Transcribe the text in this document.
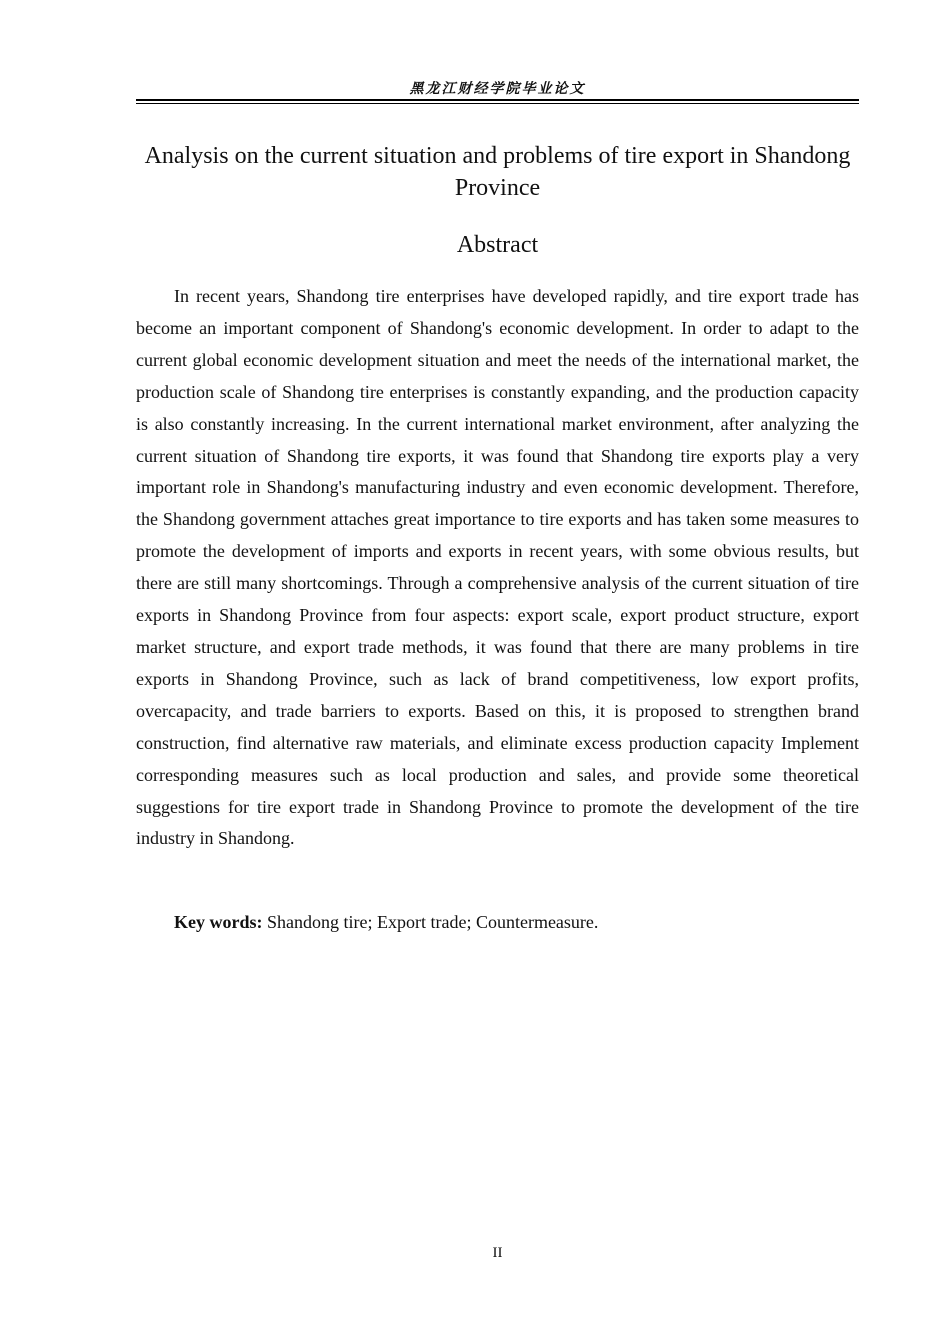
黑龙江财经学院毕业论文
Analysis on the current situation and problems of tire export in Shandong Province
Abstract

In recent years, Shandong tire enterprises have developed rapidly, and tire export trade has become an important component of Shandong's economic development. In order to adapt to the current global economic development situation and meet the needs of the international market, the production scale of Shandong tire enterprises is constantly expanding, and the production capacity is also constantly increasing. In the current international market environment, after analyzing the current situation of Shandong tire exports, it was found that Shandong tire exports play a very important role in Shandong's manufacturing industry and even economic development. Therefore, the Shandong government attaches great importance to tire exports and has taken some measures to promote the development of imports and exports in recent years, with some obvious results, but there are still many shortcomings. Through a comprehensive analysis of the current situation of tire exports in Shandong Province from four aspects: export scale, export product structure, export market structure, and export trade methods, it was found that there are many problems in tire exports in Shandong Province, such as lack of brand competitiveness, low export profits, overcapacity, and trade barriers to exports. Based on this, it is proposed to strengthen brand construction, find alternative raw materials, and eliminate excess production capacity Implement corresponding measures such as local production and sales, and provide some theoretical suggestions for tire export trade in Shandong Province to promote the development of the tire industry in Shandong.

Key words: Shandong tire; Export trade; Countermeasure.

II
